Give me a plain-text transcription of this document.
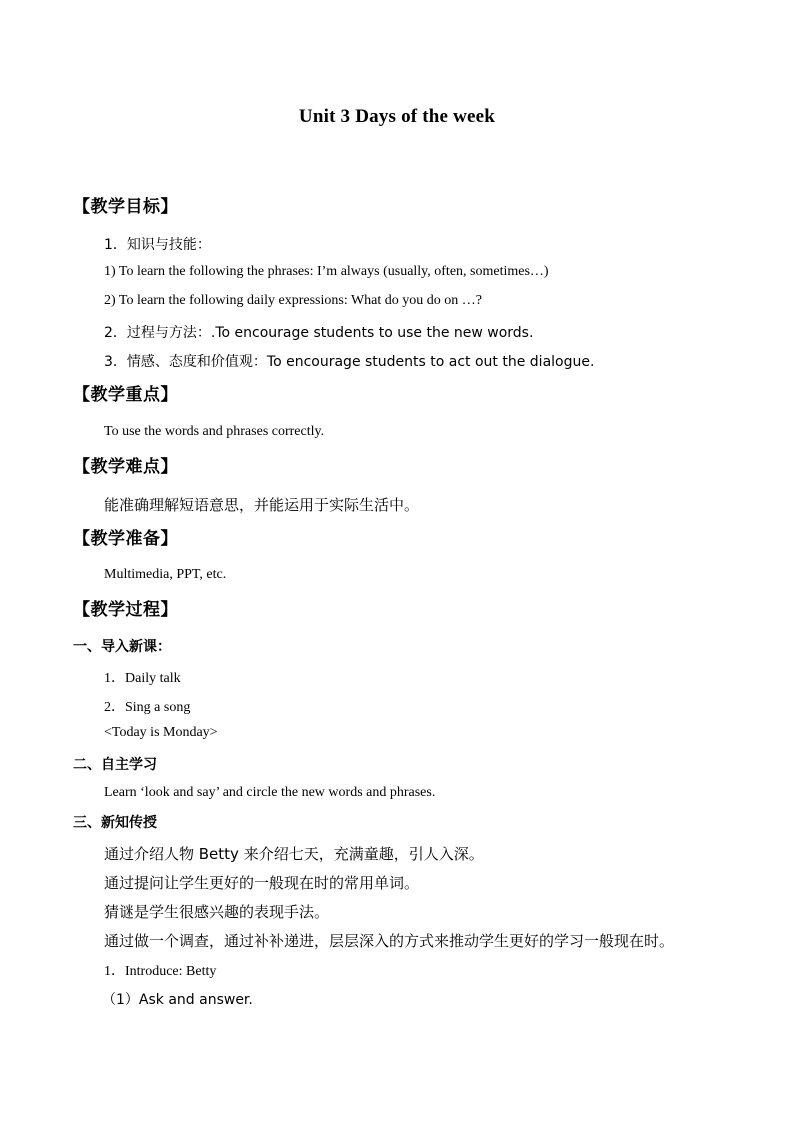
Unit 3 Days of the week
【教学目标】
1．知识与技能：
1) To learn the following the phrases: I’m always (usually, often, sometimes…)
2) To learn the following daily expressions: What do you do on …?
2．过程与方法：.To encourage students to use the new words.
3．情感、态度和价值观：To encourage students to act out the dialogue.
【教学重点】
To use the words and phrases correctly.
【教学难点】
能准确理解短语意思，并能运用于实际生活中。
【教学准备】
Multimedia, PPT, etc.
【教学过程】
一、导入新课：
1．Daily talk
2．Sing a song
<Today is Monday>
二、自主学习
Learn ‘look and say’ and circle the new words and phrases.
三、新知传授
通过介绍人物 Betty 来介绍七天，充满童趣，引人入深。
通过提问让学生更好的一般现在时的常用单词。
猜谜是学生很感兴趣的表现手法。
通过做一个调查，通过补补递进，层层深入的方式来推动学生更好的学习一般现在时。
1．Introduce: Betty
（1）Ask and answer.
